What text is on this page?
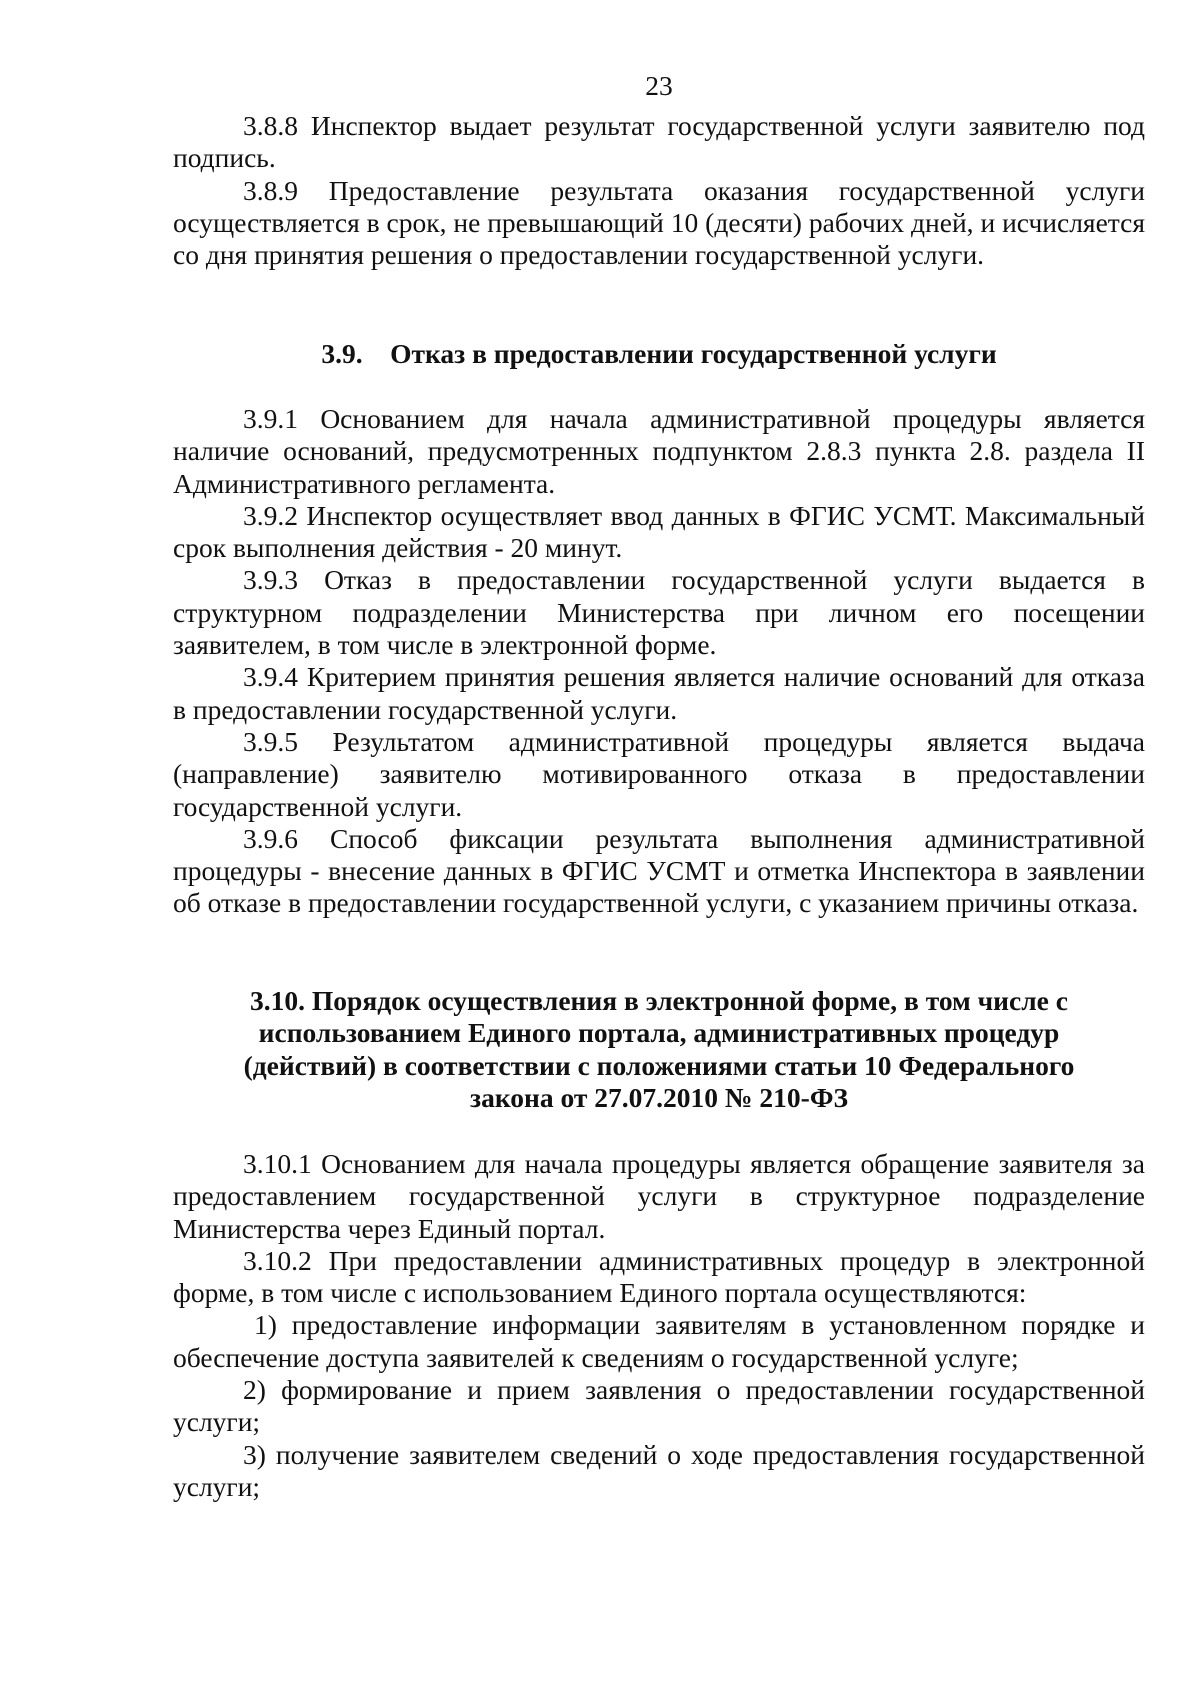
23

3.8.8 Инспектор выдает результат государственной услуги заявителю под подпись.

3.8.9 Предоставление результата оказания государственной услуги осуществляется в срок, не превышающий 10 (десяти) рабочих дней, и исчисляется со дня принятия решения о предоставлении государственной услуги.

3.9.    Отказ в предоставлении государственной услуги

3.9.1 Основанием для начала административной процедуры является наличие оснований, предусмотренных подпунктом 2.8.3 пункта 2.8. раздела II Административного регламента.

3.9.2 Инспектор осуществляет ввод данных в ФГИС УСМТ. Максимальный срок выполнения действия - 20 минут.

3.9.3 Отказ в предоставлении государственной услуги выдается в структурном подразделении Министерства при личном его посещении заявителем, в том числе в электронной форме.

3.9.4 Критерием принятия решения является наличие оснований для отказа в предоставлении государственной услуги.

3.9.5 Результатом административной процедуры является выдача (направление) заявителю мотивированного отказа в предоставлении государственной услуги.

3.9.6 Способ фиксации результата выполнения административной процедуры - внесение данных в ФГИС УСМТ и отметка Инспектора в заявлении об отказе в предоставлении государственной услуги, с указанием причины отказа.

3.10. Порядок осуществления в электронной форме, в том числе с

использованием Единого портала, административных процедур

(действий) в соответствии с положениями статьи 10 Федерального

закона от 27.07.2010 № 210-ФЗ

3.10.1 Основанием для начала процедуры является обращение заявителя за предоставлением государственной услуги в структурное подразделение Министерства через Единый портал.

3.10.2 При предоставлении административных процедур в электронной форме, в том числе с использованием Единого портала осуществляются:

1) предоставление информации заявителям в установленном порядке и обеспечение доступа заявителей к сведениям о государственной услуге;

2) формирование и прием заявления о предоставлении государственной услуги;

3) получение заявителем сведений о ходе предоставления государственной услуги;
